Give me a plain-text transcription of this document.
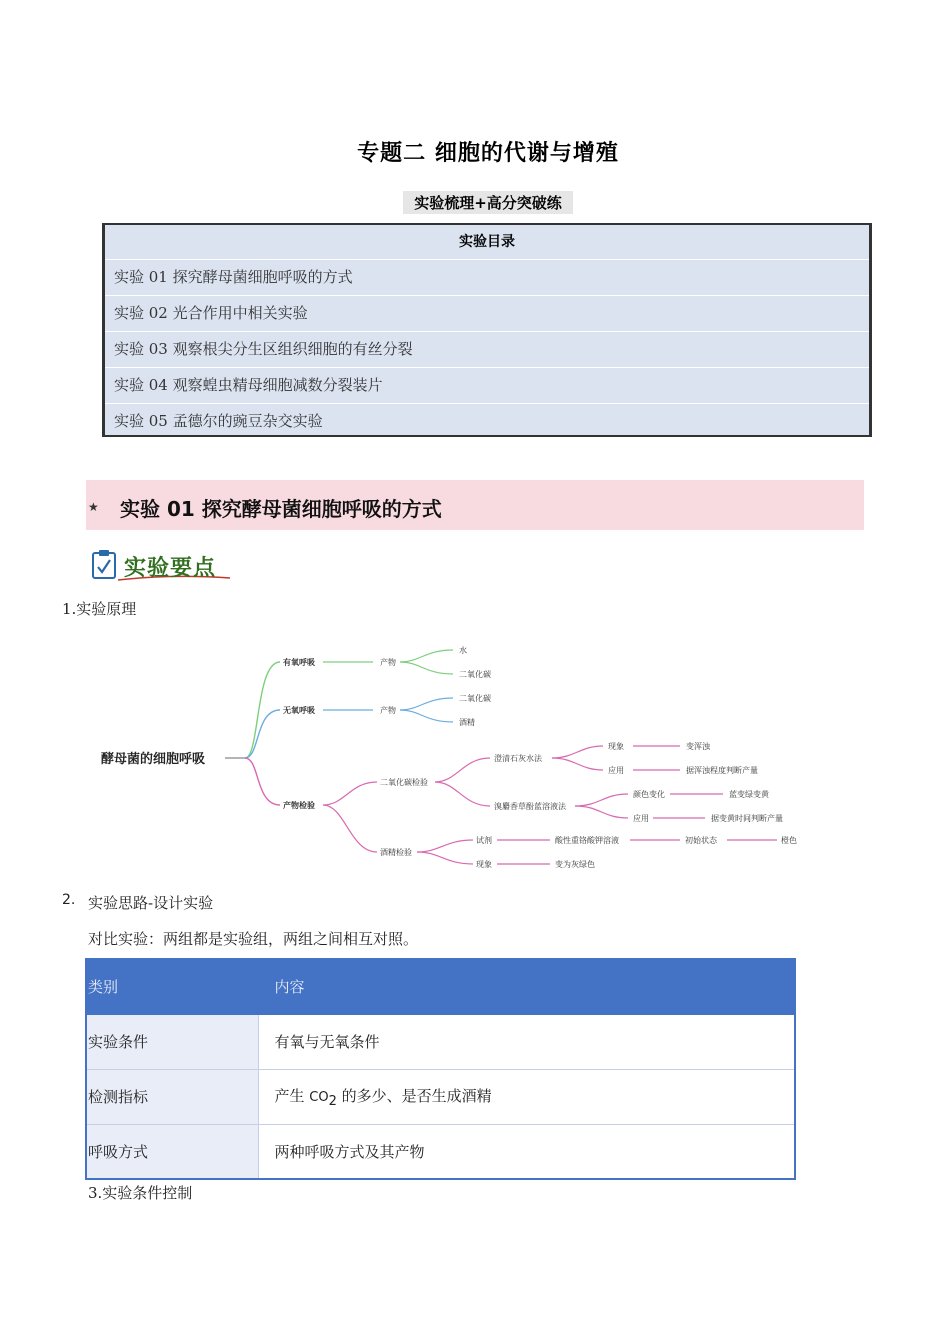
专题二 细胞的代谢与增殖
实验梳理+高分突破练
实验目录
实验 01 探究酵母菌细胞呼吸的方式
实验 02 光合作用中相关实验
实验 03 观察根尖分生区组织细胞的有丝分裂
实验 04 观察蝗虫精母细胞减数分裂装片
实验 05 孟德尔的豌豆杂交实验
★ 实验 01 探究酵母菌细胞呼吸的方式
实验要点
1.实验原理
酵母菌的细胞呼吸
有氧呼吸	产物
水
二氧化碳
无氧呼吸	产物
二氧化碳
酒精
产物检验
二氧化碳检验
酒精检验
澄清石灰水法
溴麝香草酚蓝溶液法
现象
应用
变浑浊
据浑浊程度判断产量
颜色变化
应用
蓝变绿变黄
据变黄时间判断产量
试剂
现象
酸性重铬酸钾溶液
变为灰绿色
初始状态	橙色
2. 实验思路-设计实验
对比实验：两组都是实验组，两组之间相互对照。
类别	内容
实验条件	有氧与无氧条件
检测指标	产生 $CO_2$ 的多少、是否生成酒精
呼吸方式	两种呼吸方式及其产物
3.实验条件控制
